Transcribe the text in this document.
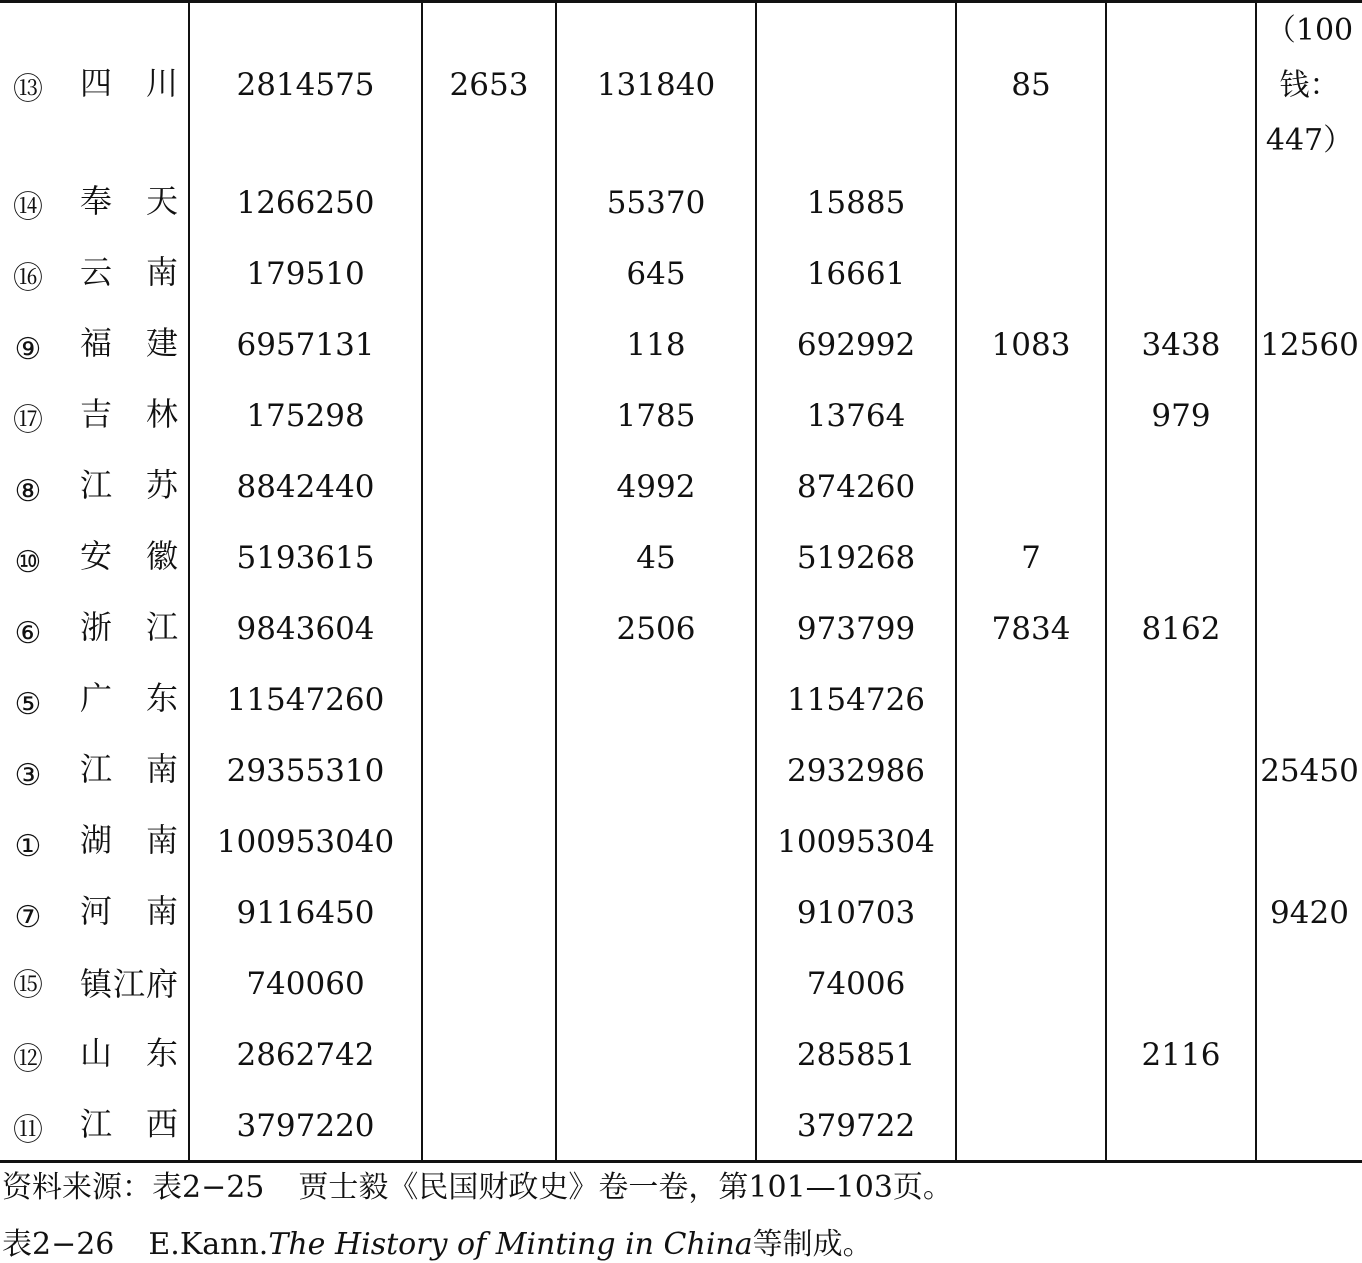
⑬ 四 川	2814575	2653	131840		85		（100
钱：
447）

⑭ 奉 天	1266250		55370	15885			
⑯ 云 南	179510		645	16661			
⑨ 福 建	6957131		118	692992	1083	3438	12560
⑰ 吉 林	175298		1785	13764		979	
⑧ 江 苏	8842440		4992	874260			
⑩ 安 徽	5193615		45	519268	7		
⑥ 浙 江	9843604		2506	973799	7834	8162	
⑤ 广 东	11547260			1154726			
③ 江 南	29355310			2932986			25450
① 湖 南	100953040			10095304			
⑦ 河 南	9116450			910703			9420
⑮ 镇江府	740060			74006			
⑫ 山 东	2862742			285851		2116	
⑪ 江 西	3797220			379722			
资料来源：表2−25 贾士毅《民国财政史》卷一卷，第101—103页。
表2−26 E.Kann.The History of Minting in China等制成。
